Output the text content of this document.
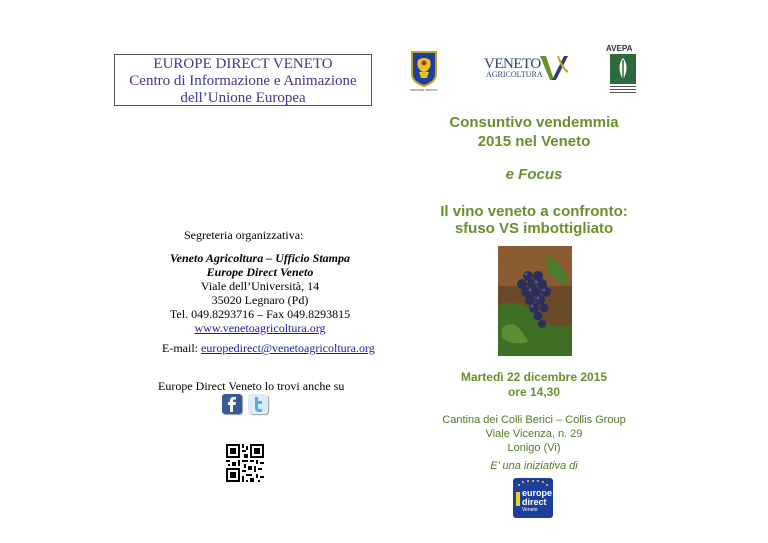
EUROPE DIRECT VENETO
Centro di Informazione e Animazione
dell’Unione Europea	REGIONE VENETO
VENETO
AGRICOLTURA
AVEPA
Consuntivo vendemmia
2015 nel Veneto
e Focus
Il vino veneto a confronto:
sfuso VS imbottigliato
Martedì 22 dicembre 2015
ore 14,30
Cantina dei Colli Berici – Collis Group
Viale Vicenza, n. 29
Lonigo (Vi)
E’ una iniziativa di
europe
direct
Veneto
Segreteria organizzativa:
Veneto Agricoltura – Ufficio Stampa
Europe Direct Veneto
Viale dell’Università, 14
35020 Legnaro (Pd)
Tel. 049.8293716 – Fax 049.8293815
www.venetoagricoltura.org
E-mail: europedirect@venetoagricoltura.org
Europe Direct Veneto lo trovi anche su
